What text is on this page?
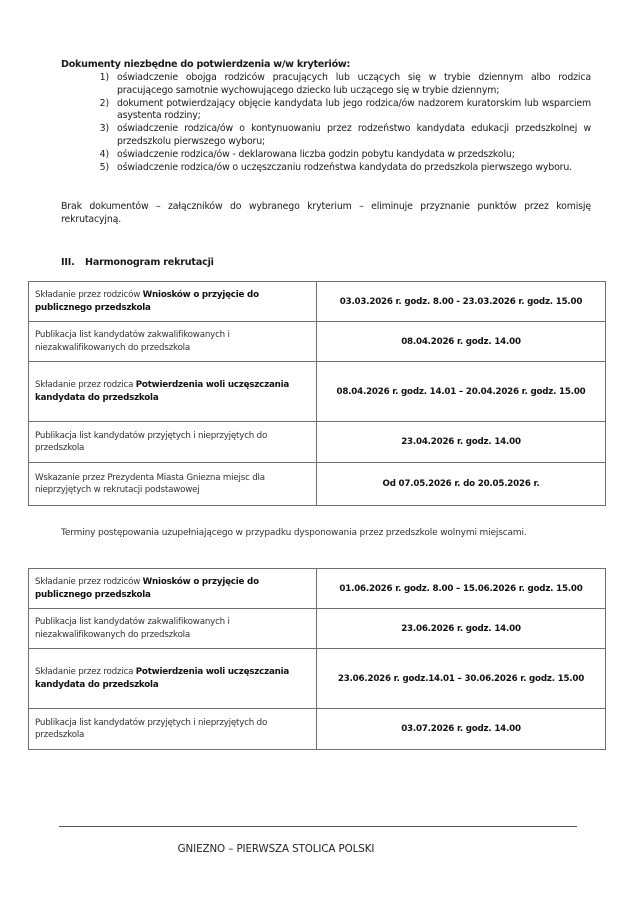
Dokumenty niezbędne do potwierdzenia w/w kryteriów:
1) oświadczenie obojga rodziców pracujących lub uczących się w trybie dziennym albo rodzica pracującego samotnie wychowującego dziecko lub uczącego się w trybie dziennym;
2) dokument potwierdzający objęcie kandydata lub jego rodzica/ów nadzorem kuratorskim lub wsparciem asystenta rodziny;
3) oświadczenie rodzica/ów o kontynuowaniu przez rodzeństwo kandydata edukacji przedszkolnej w przedszkolu pierwszego wyboru;
4) oświadczenie rodzica/ów - deklarowana liczba godzin pobytu kandydata w przedszkolu;
5) oświadczenie rodzica/ów o uczęszczaniu rodzeństwa kandydata do przedszkola pierwszego wyboru.
Brak dokumentów – załączników do wybranego kryterium – eliminuje przyznanie punktów przez komisję rekrutacyjną.
III. Harmonogram rekrutacji
Składanie przez rodziców Wniosków o przyjęcie do publicznego przedszkola	03.03.2026 r. godz. 8.00 - 23.03.2026 r. godz. 15.00
Publikacja list kandydatów zakwalifikowanych i niezakwalifikowanych do przedszkola	08.04.2026 r. godz. 14.00
Składanie przez rodzica Potwierdzenia woli uczęszczania kandydata do przedszkola	08.04.2026 r. godz. 14.01 – 20.04.2026 r. godz. 15.00
Publikacja list kandydatów przyjętych i nieprzyjętych do przedszkola	23.04.2026 r. godz. 14.00
Wskazanie przez Prezydenta Miasta Gniezna miejsc dla nieprzyjętych w rekrutacji podstawowej	Od 07.05.2026 r. do 20.05.2026 r.
Terminy postępowania uzupełniającego w przypadku dysponowania przez przedszkole wolnymi miejscami.
Składanie przez rodziców Wniosków o przyjęcie do publicznego przedszkola	01.06.2026 r. godz. 8.00 – 15.06.2026 r. godz. 15.00
Publikacja list kandydatów zakwalifikowanych i niezakwalifikowanych do przedszkola	23.06.2026 r. godz. 14.00
Składanie przez rodzica Potwierdzenia woli uczęszczania kandydata do przedszkola	23.06.2026 r. godz.14.01 – 30.06.2026 r. godz. 15.00
Publikacja list kandydatów przyjętych i nieprzyjętych do przedszkola	03.07.2026 r. godz. 14.00
GNIEZNO – PIERWSZA STOLICA POLSKI
